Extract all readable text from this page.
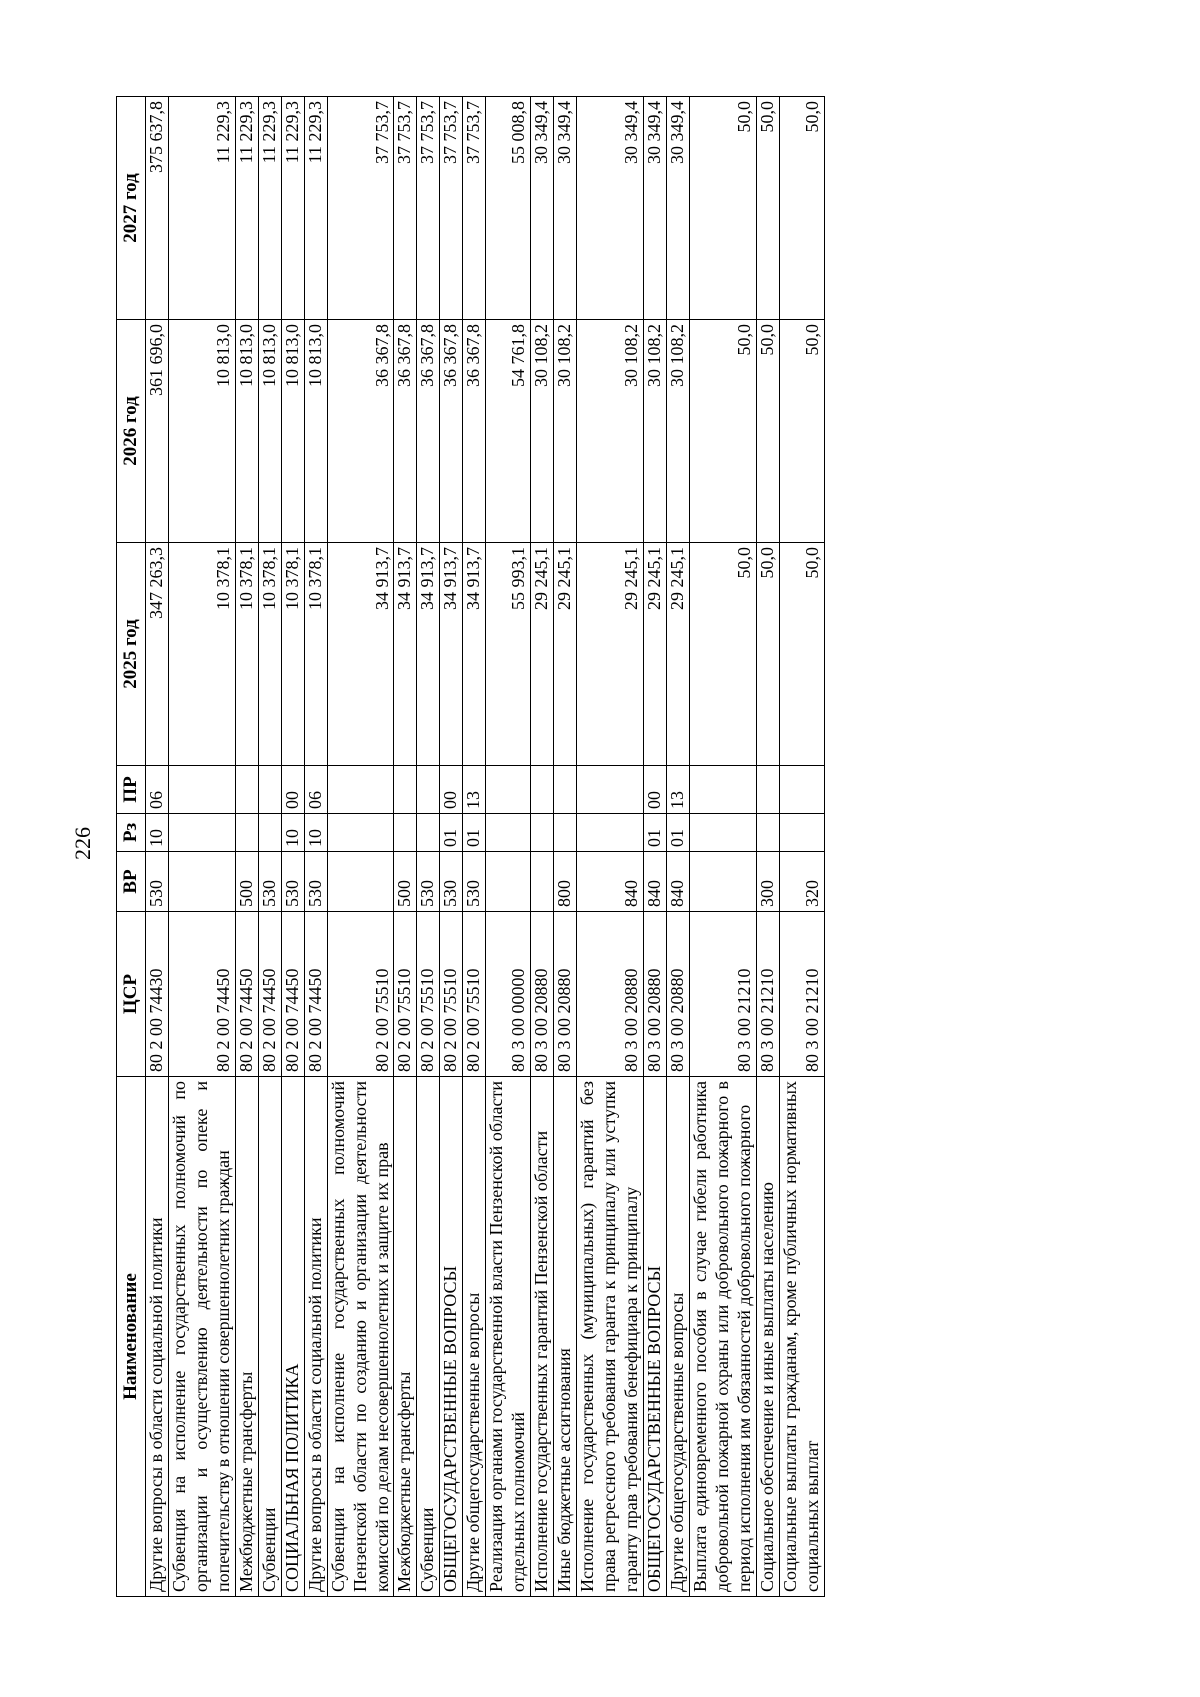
226
Наименование	ЦСР	ВР	Рз	ПР	2025 год	2026 год	2027 год
Другие вопросы в области социальной политики	80 2 00 74430	530	10	06	347 263,3	361 696,0	375 637,8
Субвенция на исполнение государственных полномочий по организации и осуществлению деятельности по опеке и попечительству в отношении совершеннолетних граждан	80 2 00 74450				10 378,1	10 813,0	11 229,3
Межбюджетные трансферты	80 2 00 74450	500			10 378,1	10 813,0	11 229,3
Субвенции	80 2 00 74450	530			10 378,1	10 813,0	11 229,3
СОЦИАЛЬНАЯ ПОЛИТИКА	80 2 00 74450	530	10	00	10 378,1	10 813,0	11 229,3
Другие вопросы в области социальной политики	80 2 00 74450	530	10	06	10 378,1	10 813,0	11 229,3
Субвенции на исполнение государственных полномочий Пензенской области по созданию и организации деятельности комиссий по делам несовершеннолетних и защите их прав	80 2 00 75510				34 913,7	36 367,8	37 753,7
Межбюджетные трансферты	80 2 00 75510	500			34 913,7	36 367,8	37 753,7
Субвенции	80 2 00 75510	530			34 913,7	36 367,8	37 753,7
ОБЩЕГОСУДАРСТВЕННЫЕ ВОПРОСЫ	80 2 00 75510	530	01	00	34 913,7	36 367,8	37 753,7
Другие общегосударственные вопросы	80 2 00 75510	530	01	13	34 913,7	36 367,8	37 753,7
Реализация органами государственной власти Пензенской области отдельных полномочий	80 3 00 00000				55 993,1	54 761,8	55 008,8
Исполнение государственных гарантий Пензенской области	80 3 00 20880				29 245,1	30 108,2	30 349,4
Иные бюджетные ассигнования	80 3 00 20880	800			29 245,1	30 108,2	30 349,4
Исполнение государственных (муниципальных) гарантий без права регрессного требования гаранта к принципалу или уступки гаранту прав требования бенефициара к принципалу	80 3 00 20880	840			29 245,1	30 108,2	30 349,4
ОБЩЕГОСУДАРСТВЕННЫЕ ВОПРОСЫ	80 3 00 20880	840	01	00	29 245,1	30 108,2	30 349,4
Другие общегосударственные вопросы	80 3 00 20880	840	01	13	29 245,1	30 108,2	30 349,4
Выплата единовременного пособия в случае гибели работника добровольной пожарной охраны или добровольного пожарного в период исполнения им обязанностей добровольного пожарного	80 3 00 21210				50,0	50,0	50,0
Социальное обеспечение и иные выплаты населению	80 3 00 21210	300			50,0	50,0	50,0
Социальные выплаты гражданам, кроме публичных нормативных социальных выплат	80 3 00 21210	320			50,0	50,0	50,0
